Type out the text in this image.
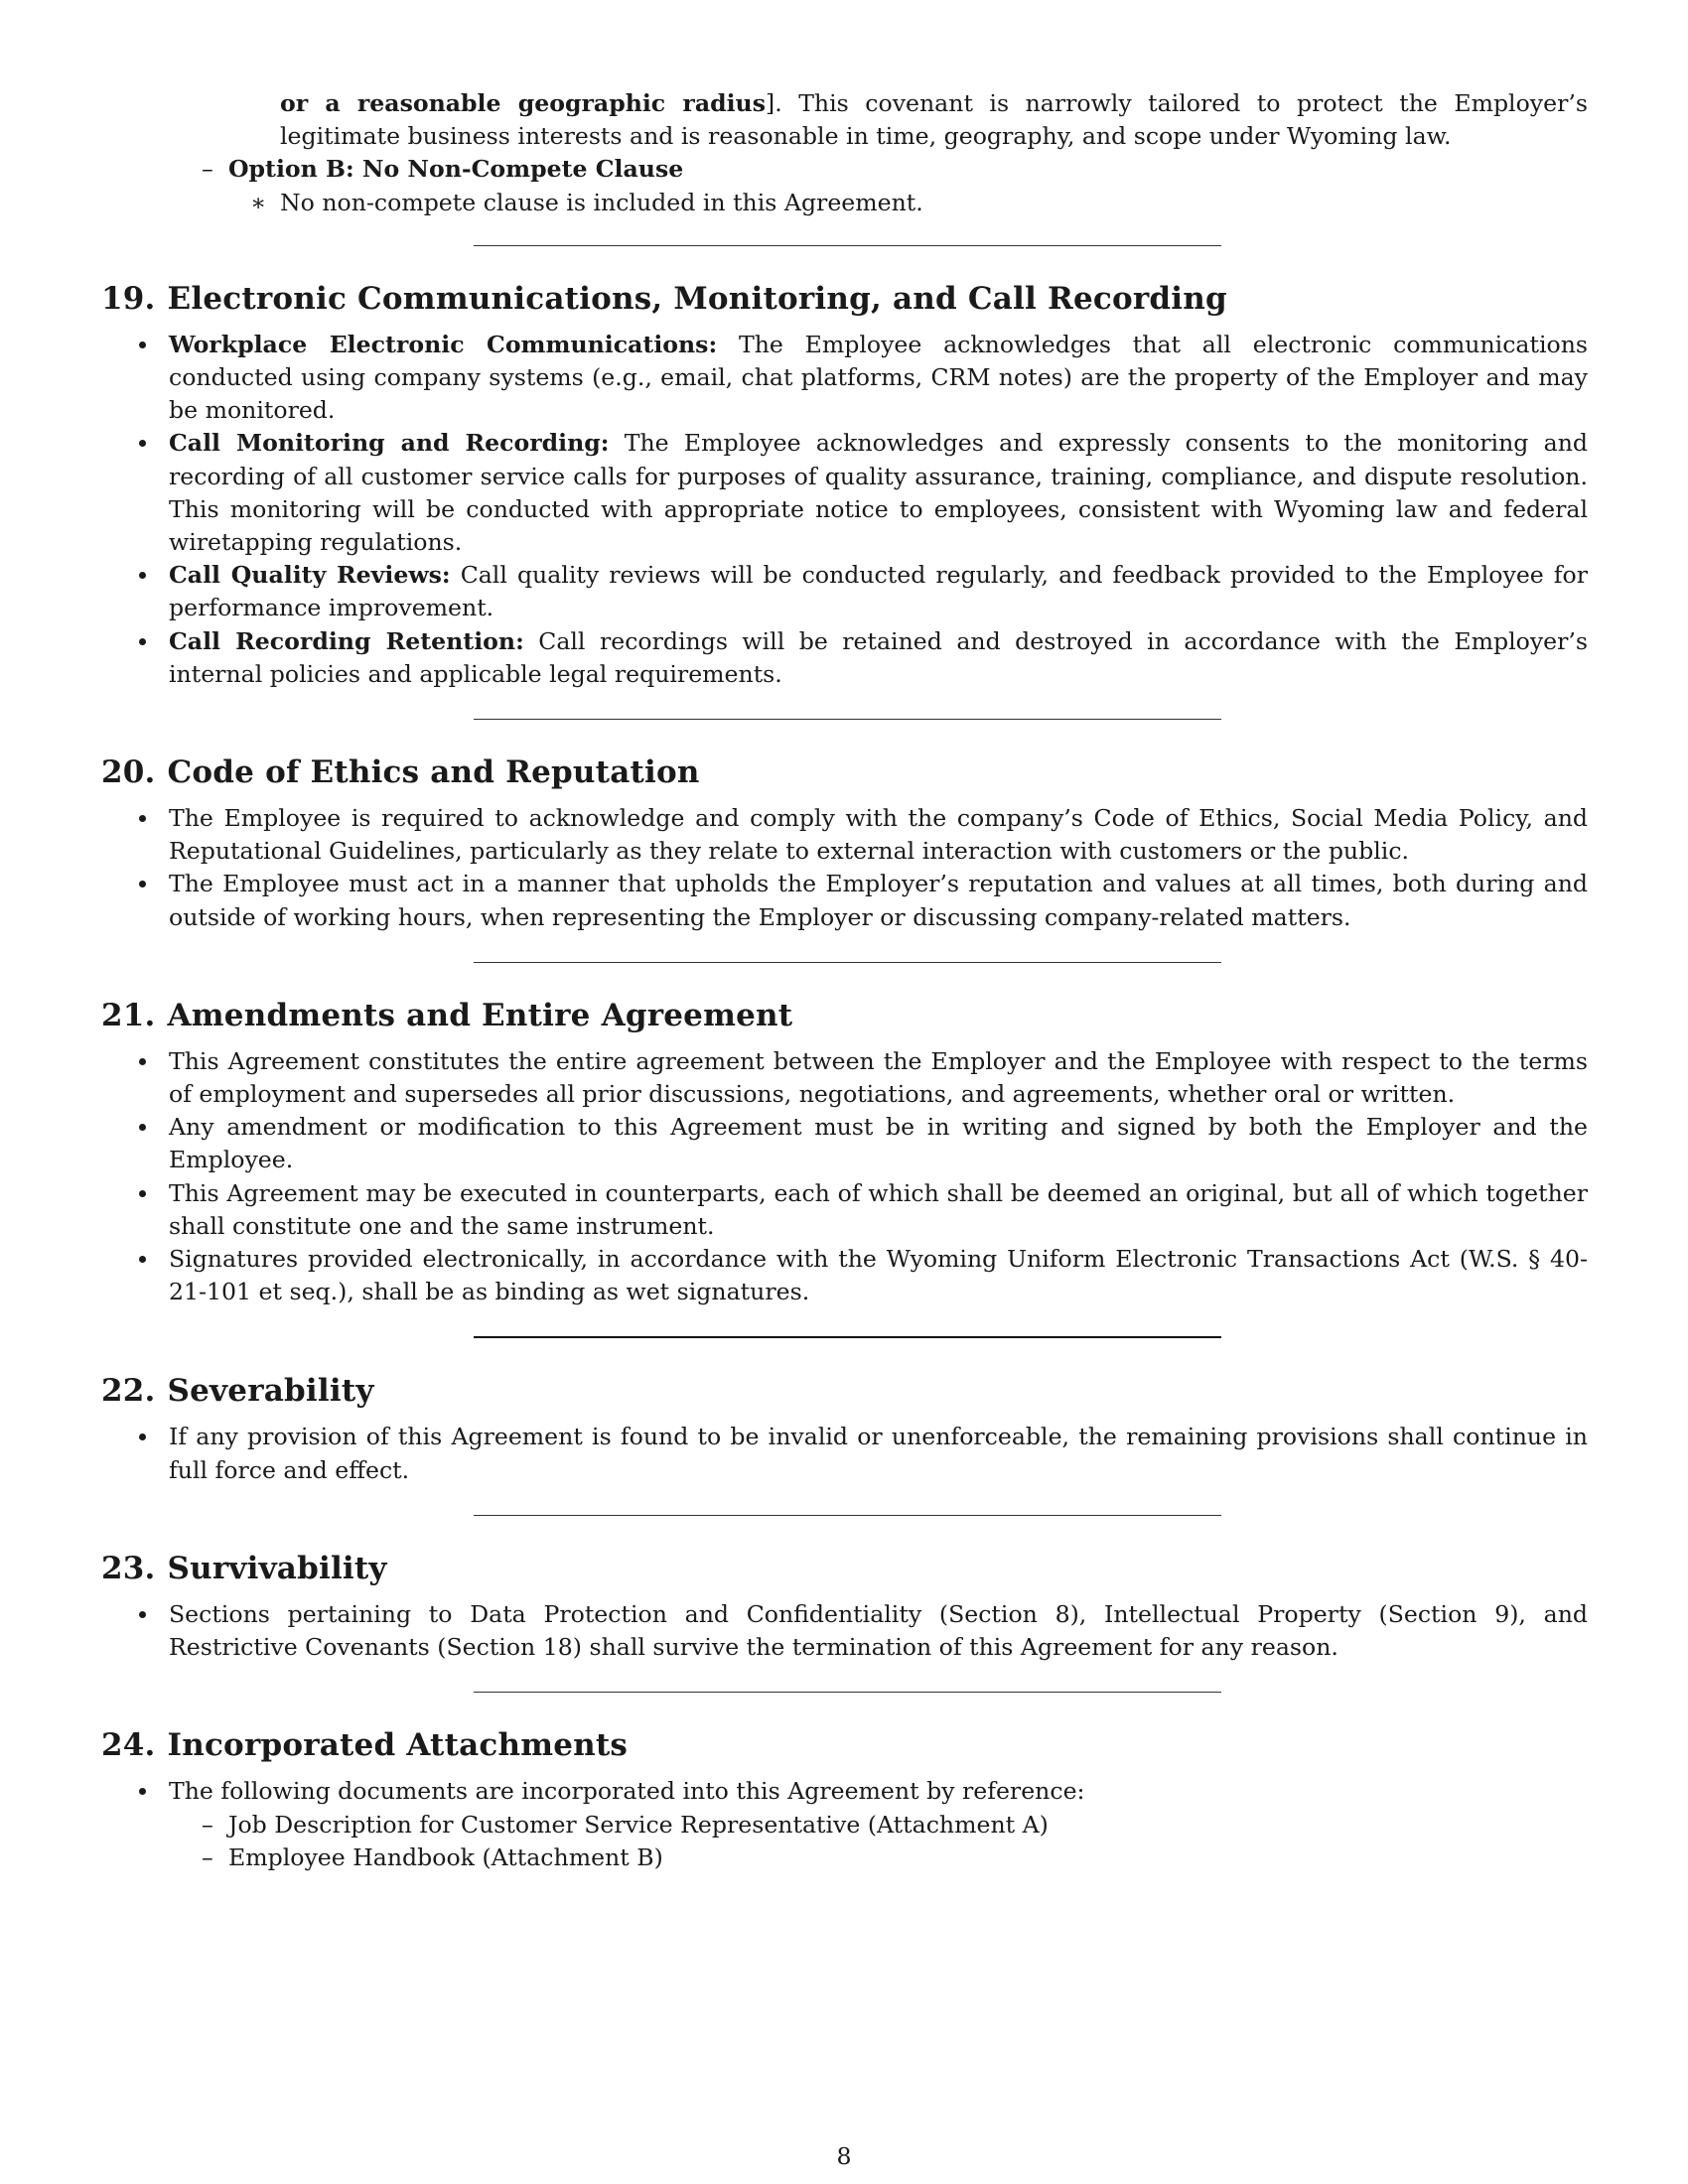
or a reasonable geographic radius]. This covenant is narrowly tailored to protect the Employer’s legitimate business interests and is reasonable in time, geography, and scope under Wyoming law.

– Option B: No Non-Compete Clause
∗ No non-compete clause is included in this Agreement.
19. Electronic Communications, Monitoring, and Call Recording
Workplace Electronic Communications: The Employee acknowledges that all electronic communications conducted using company systems (e.g., email, chat platforms, CRM notes) are the property of the Employer and may be monitored.
Call Monitoring and Recording: The Employee acknowledges and expressly consents to the monitoring and recording of all customer service calls for purposes of quality assurance, training, compliance, and dispute resolution. This monitoring will be conducted with appropriate notice to employees, consistent with Wyoming law and federal wiretapping regulations.
Call Quality Reviews: Call quality reviews will be conducted regularly, and feedback provided to the Employee for performance improvement.
Call Recording Retention: Call recordings will be retained and destroyed in accordance with the Employer’s internal policies and applicable legal requirements.
20. Code of Ethics and Reputation
The Employee is required to acknowledge and comply with the company’s Code of Ethics, Social Media Policy, and Reputational Guidelines, particularly as they relate to external interaction with customers or the public.
The Employee must act in a manner that upholds the Employer’s reputation and values at all times, both during and outside of working hours, when representing the Employer or discussing company-related matters.
21. Amendments and Entire Agreement
This Agreement constitutes the entire agreement between the Employer and the Employee with respect to the terms of employment and supersedes all prior discussions, negotiations, and agreements, whether oral or written.
Any amendment or modification to this Agreement must be in writing and signed by both the Employer and the Employee.
This Agreement may be executed in counterparts, each of which shall be deemed an original, but all of which together shall constitute one and the same instrument.
Signatures provided electronically, in accordance with the Wyoming Uniform Electronic Transactions Act (W.S. § 40-21-101 et seq.), shall be as binding as wet signatures.
22. Severability
If any provision of this Agreement is found to be invalid or unenforceable, the remaining provisions shall continue in full force and effect.
23. Survivability
Sections pertaining to Data Protection and Confidentiality (Section 8), Intellectual Property (Section 9), and Restrictive Covenants (Section 18) shall survive the termination of this Agreement for any reason.
24. Incorporated Attachments
The following documents are incorporated into this Agreement by reference:
– Job Description for Customer Service Representative (Attachment A)
– Employee Handbook (Attachment B)
8
